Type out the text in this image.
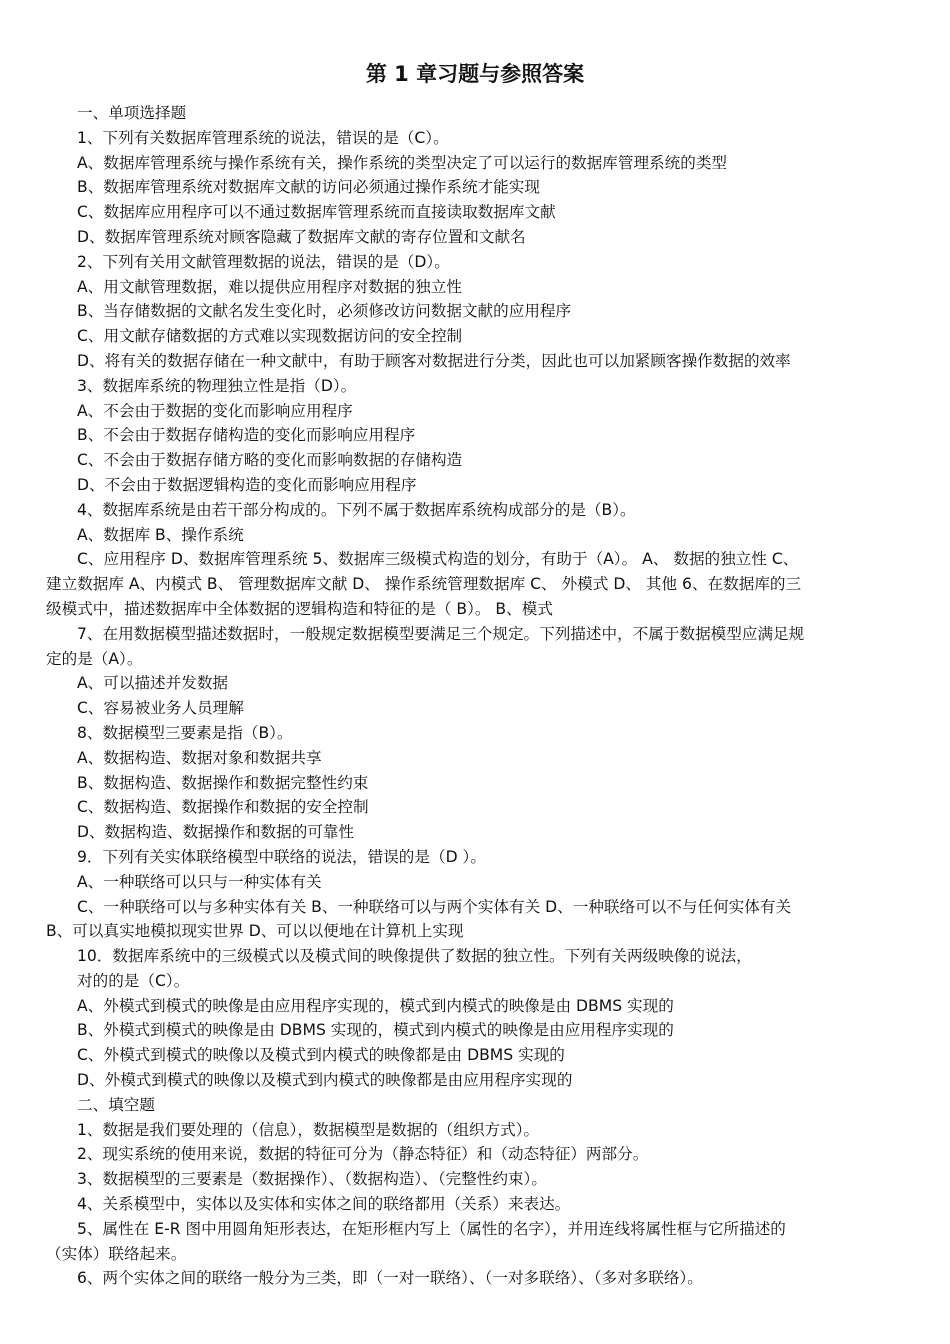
第 1 章习题与参照答案
一、单项选择题
1、下列有关数据库管理系统的说法，错误的是（C）。
A、数据库管理系统与操作系统有关，操作系统的类型决定了可以运行的数据库管理系统的类型
B、数据库管理系统对数据库文献的访问必须通过操作系统才能实现
C、数据库应用程序可以不通过数据库管理系统而直接读取数据库文献
D、数据库管理系统对顾客隐藏了数据库文献的寄存位置和文献名
2、下列有关用文献管理数据的说法，错误的是（D）。
A、用文献管理数据，难以提供应用程序对数据的独立性
B、当存储数据的文献名发生变化时，必须修改访问数据文献的应用程序
C、用文献存储数据的方式难以实现数据访问的安全控制
D、将有关的数据存储在一种文献中，有助于顾客对数据进行分类，因此也可以加紧顾客操作数据的效率
3、数据库系统的物理独立性是指（D）。
A、不会由于数据的变化而影响应用程序
B、不会由于数据存储构造的变化而影响应用程序
C、不会由于数据存储方略的变化而影响数据的存储构造
D、不会由于数据逻辑构造的变化而影响应用程序
4、数据库系统是由若干部分构成的。下列不属于数据库系统构成部分的是（B）。
A、数据库 B、操作系统
C、应用程序 D、数据库管理系统 5、数据库三级模式构造的划分，有助于（A）。 A、 数据的独立性 C、
建立数据库 A、内模式 B、 管理数据库文献 D、 操作系统管理数据库 C、 外模式 D、 其他 6、在数据库的三
级模式中，描述数据库中全体数据的逻辑构造和特征的是（ B）。 B、模式
7、在用数据模型描述数据时，一般规定数据模型要满足三个规定。下列描述中，不属于数据模型应满足规
定的是（A）。
A、可以描述并发数据
C、容易被业务人员理解
8、数据模型三要素是指（B）。
A、数据构造、数据对象和数据共享
B、数据构造、数据操作和数据完整性约束
C、数据构造、数据操作和数据的安全控制
D、数据构造、数据操作和数据的可靠性
9．下列有关实体联络模型中联络的说法，错误的是（D ）。
A、一种联络可以只与一种实体有关
C、一种联络可以与多种实体有关 B、一种联络可以与两个实体有关 D、一种联络可以不与任何实体有关
B、可以真实地模拟现实世界 D、可以以便地在计算机上实现
10．数据库系统中的三级模式以及模式间的映像提供了数据的独立性。下列有关两级映像的说法，
对的的是（C）。
A、外模式到模式的映像是由应用程序实现的，模式到内模式的映像是由 DBMS 实现的
B、外模式到模式的映像是由 DBMS 实现的，模式到内模式的映像是由应用程序实现的
C、外模式到模式的映像以及模式到内模式的映像都是由 DBMS 实现的
D、外模式到模式的映像以及模式到内模式的映像都是由应用程序实现的
二、填空题
1、数据是我们要处理的（信息），数据模型是数据的（组织方式）。
2、现实系统的使用来说，数据的特征可分为（静态特征）和（动态特征）两部分。
3、数据模型的三要素是（数据操作）、（数据构造）、（完整性约束）。
4、关系模型中，实体以及实体和实体之间的联络都用（关系）来表达。
5、属性在 E-R 图中用圆角矩形表达，在矩形框内写上（属性的名字），并用连线将属性框与它所描述的
（实体）联络起来。
6、两个实体之间的联络一般分为三类，即（一对一联络）、（一对多联络）、（多对多联络）。
